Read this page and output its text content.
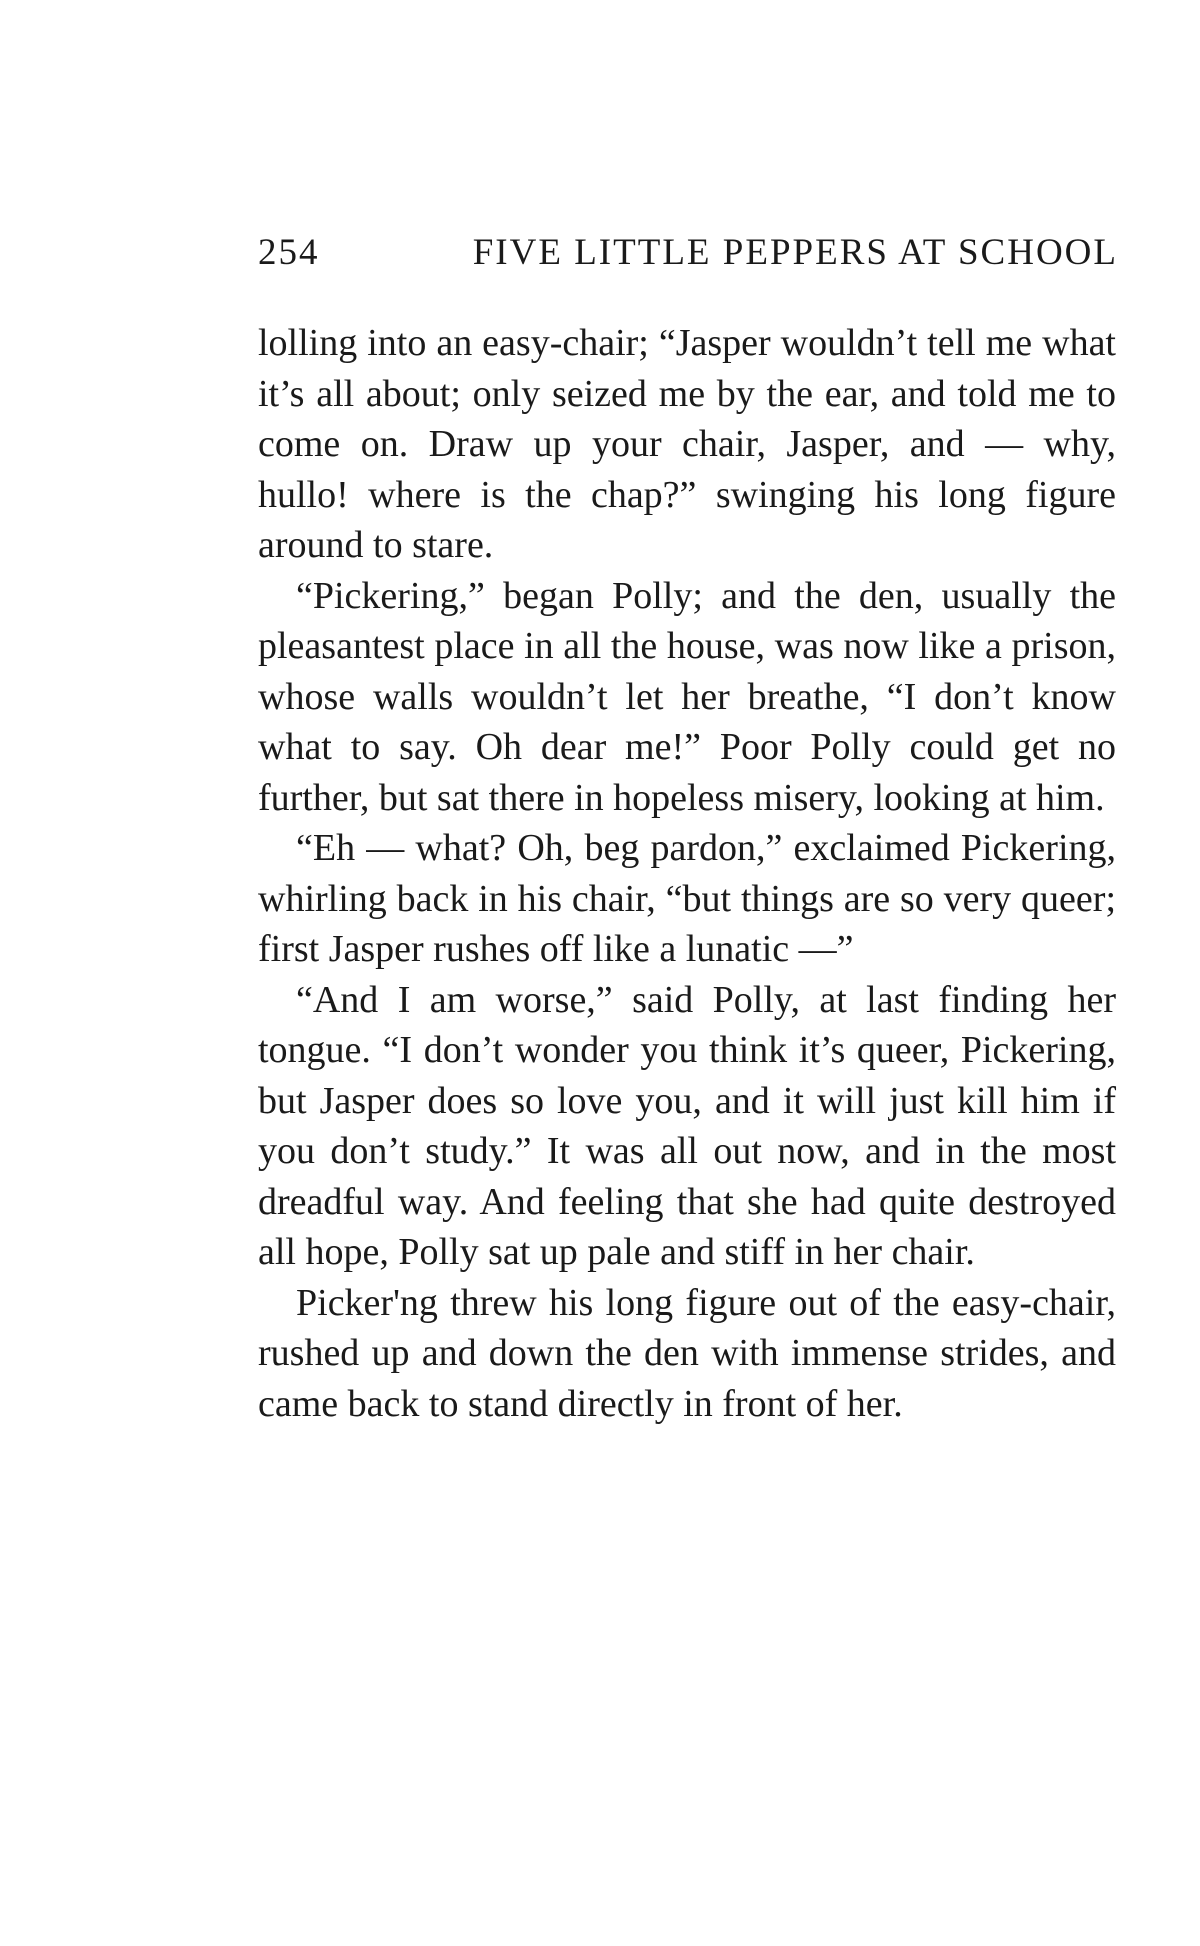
254	FIVE LITTLE PEPPERS AT SCHOOL

lolling into an easy-chair; “Jasper wouldn’t tell me what it’s all about; only seized me by the ear, and told me to come on. Draw up your chair, Jasper, and — why, hullo! where is the chap?” swinging his long figure around to stare.

“Pickering,” began Polly; and the den, usually the pleasantest place in all the house, was now like a prison, whose walls wouldn’t let her breathe, “I don’t know what to say. Oh dear me!” Poor Polly could get no further, but sat there in hopeless misery, looking at him.

“Eh — what? Oh, beg pardon,” exclaimed Pickering, whirling back in his chair, “but things are so very queer; first Jasper rushes off like a lunatic —”

“And I am worse,” said Polly, at last finding her tongue. “I don’t wonder you think it’s queer, Pickering, but Jasper does so love you, and it will just kill him if you don’t study.” It was all out now, and in the most dreadful way. And feeling that she had quite destroyed all hope, Polly sat up pale and stiff in her chair.

Picker'ng threw his long figure out of the easy-chair, rushed up and down the den with immense strides, and came back to stand directly in front of her.
